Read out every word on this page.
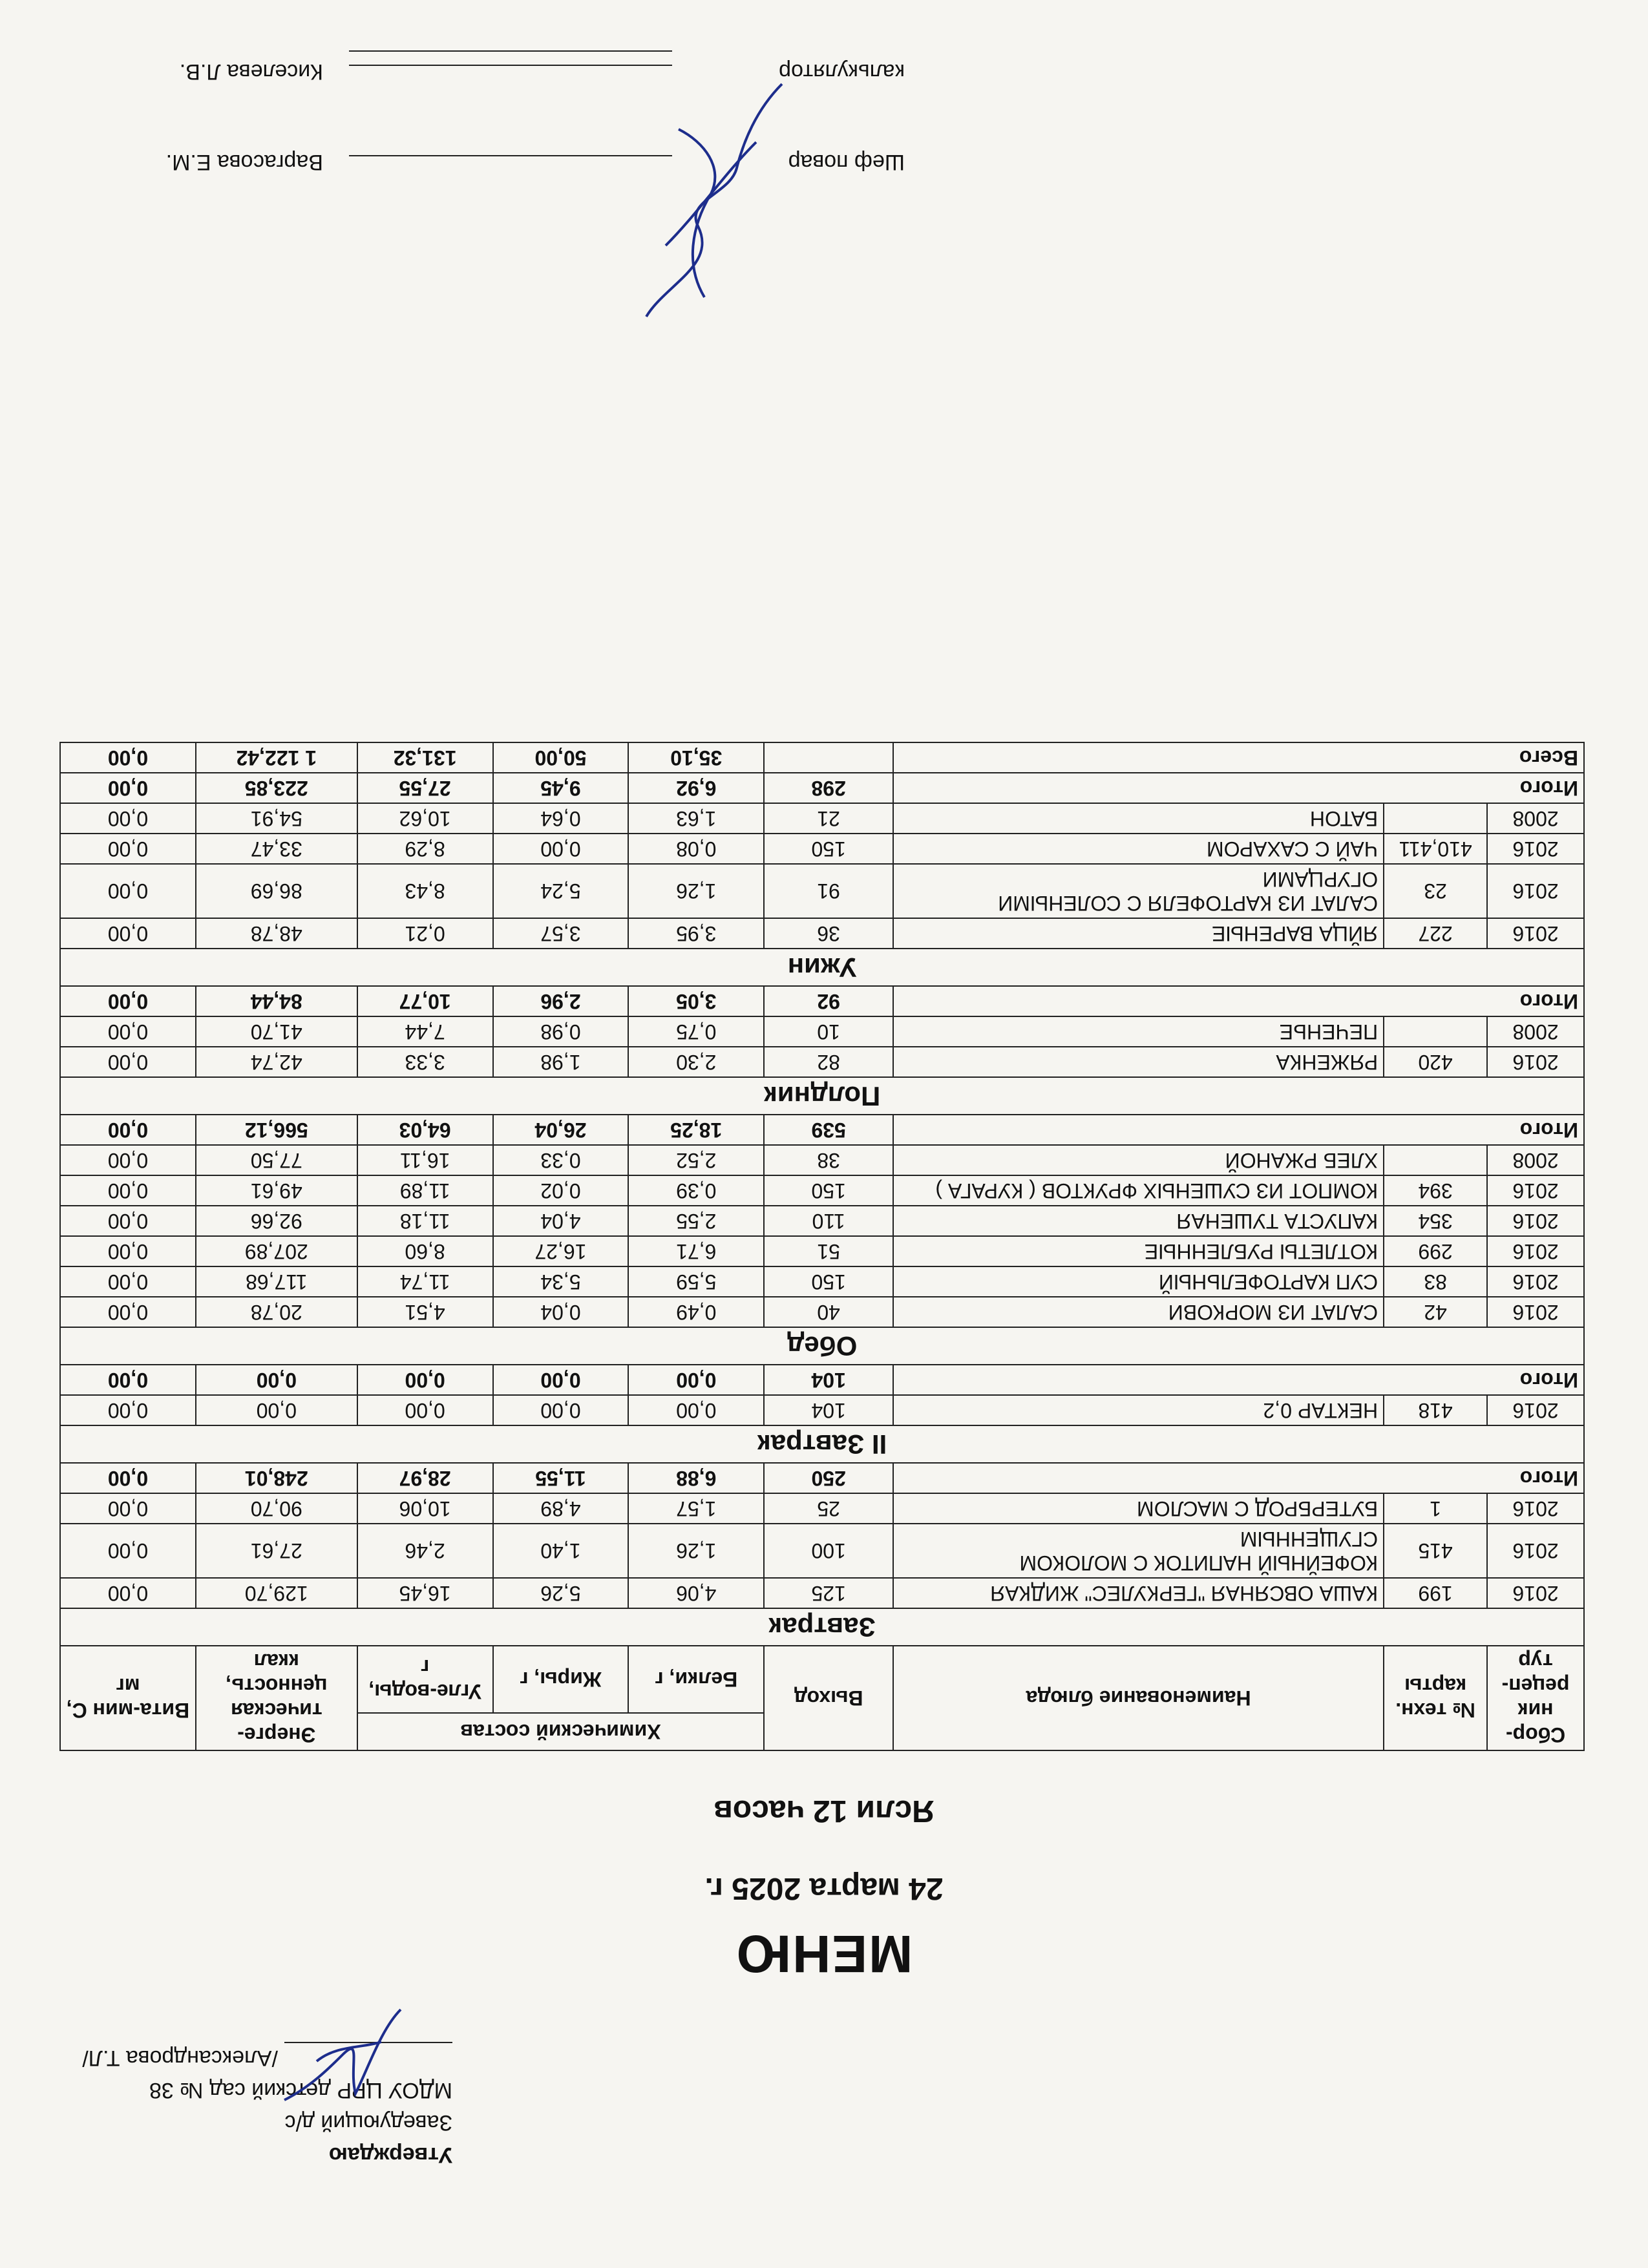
Утверждаю
Заведующий д/с
МДОУ ЦРР детский сад № 38
/Александрова Т.Л/
МЕНЮ
24 марта 2025 г.
Ясли 12 часов
Сбор-ник рецеп-тур	№ техн. карты	Наименование блюда	Выход	Химический состав			Энерге-тическая ценность, ккал	Вита-мин С, мг
				Белки, г	Жиры, г	Угле-воды, г		
Завтрак								
2016	199	КАША ОВСЯНАЯ "ГЕРКУЛЕС" ЖИДКАЯ	125	4,06	5,26	16,45	129,70	0,00
2016	415	КОФЕЙНЫЙ НАПИТОК С МОЛОКОМ СГУЩЕННЫМ	100	1,26	1,40	2,46	27,61	0,00
2016	1	БУТЕРБРОД С МАСЛОМ	25	1,57	4,89	10,06	90,70	0,00
Итого			250	6,88	11,55	28,97	248,01	0,00
II Завтрак								
2016	418	НЕКТАР 0,2	104	0,00	0,00	0,00	0,00	0,00
Итого			104	0,00	0,00	0,00	0,00	0,00
Обед								
2016	42	САЛАТ ИЗ МОРКОВИ	40	0,49	0,04	4,51	20,78	0,00
2016	83	СУП КАРТОФЕЛЬНЫЙ	150	5,59	5,34	11,74	117,68	0,00
2016	299	КОТЛЕТЫ РУБЛЕННЫЕ	51	6,71	16,27	8,60	207,89	0,00
2016	354	КАПУСТА ТУШЕНАЯ	110	2,55	4,04	11,18	92,66	0,00
2016	394	КОМПОТ ИЗ СУШЕНЫХ ФРУКТОВ ( КУРАГА )	150	0,39	0,02	11,89	49,61	0,00
2008		ХЛЕБ РЖАНОЙ	38	2,52	0,33	16,11	77,50	0,00
Итого			539	18,25	26,04	64,03	566,12	0,00
Полдник								
2016	420	РЯЖЕНКА	82	2,30	1,98	3,33	42,74	0,00
2008		ПЕЧЕНЬЕ	10	0,75	0,98	7,44	41,70	0,00
Итого			92	3,05	2,96	10,77	84,44	0,00
Ужин								
2016	227	ЯЙЦА ВАРЕНЫЕ	36	3,95	3,57	0,21	48,78	0,00
2016	23	САЛАТ ИЗ КАРТОФЕЛЯ С СОЛЕНЫМИ ОГУРЦАМИ	91	1,26	5,24	8,43	86,69	0,00
2016	410,411	ЧАЙ С САХАРОМ	150	0,08	0,00	8,29	33,47	0,00
2008		БАТОН	21	1,63	0,64	10,62	54,91	0,00
Итого			298	6,92	9,45	27,55	223,85	0,00
Всего				35,10	50,00	131,32	1 122,42	0,00
Шеф повар
Варгасова Е.М.
калькулятор
Киселева Л.В.
